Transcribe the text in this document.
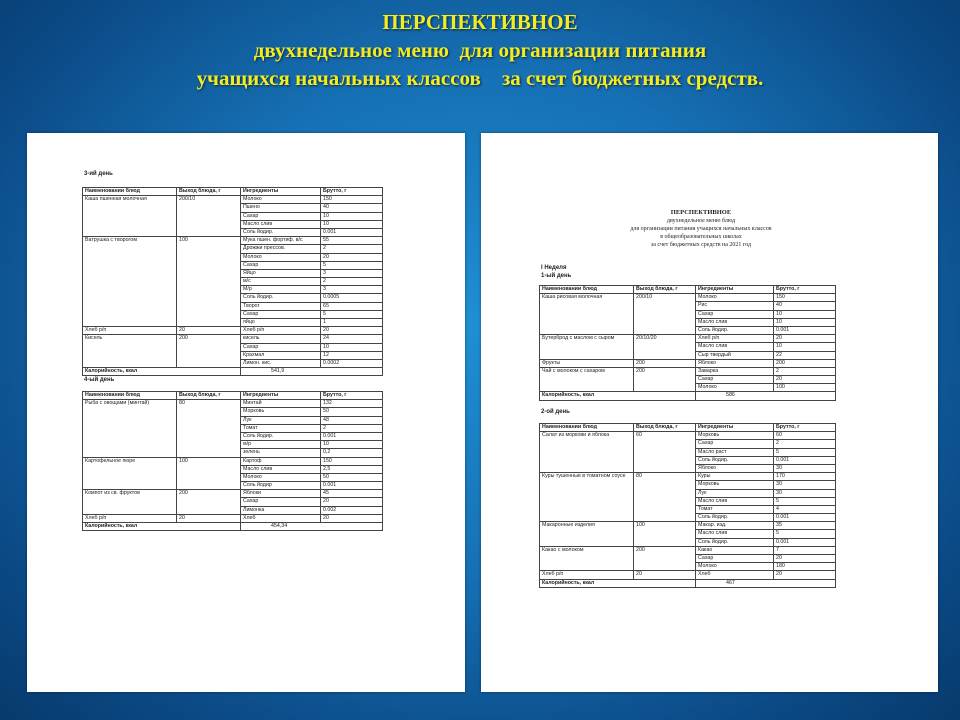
ПЕРСПЕКТИВНОЕ
двухнедельное меню  для организации питания
учащихся начальных классов    за счет бюджетных средств.
3-ий день
Наименовании блюд	Выход блюда, г	Ингредиенты	Брутто, г
Каша пшенная молочная	200/10	Молоко	150
		Пшено	40
		Сахар	10
		Масло слив	10
		Соль йодир.	0.001
Ватрушка с творогом	100	Мука пшен. фортиф. в/с	55
		Дрожжи прессов.	2
		Молоко	20
		Сахар	5
		Яйцо	3
		м/с	2
		М/р	3
		Соль йодир.	0.0005
		Творог	65
		Сахар	5
		яйцо	1
Хлеб р/п	20	Хлеб р/п	20
Кисель	200	кисель	24
		Сахар	10
		Крахмал	12
		Лимон. кис.	0.0002
Калорийность, ккал		541,9	
4-ый день
Наименовании блюд	Выход блюда, г	Ингредиенты	Брутто, г
Рыба с овощами (минтай)	80	Минтай	132
		Морковь	50
		Лук	48
		Томат	2
		Соль йодир.	0.001
		м/р	10
		зелень	0,2
Картофельное пюре	100	Картоф	150
		Масло слив	2,5
		Молоко	50
		Соль йодир	0.001
Компот из св. фруктов	200	Яблоки	45
		Сахар	20
		Лимонка	0.002
Хлеб р/п	20	Хлеб	20
Калорийность, ккал		454,34	
ПЕРСПЕКТИВНОЕ
двухнедельное меню блюд
для организации питания учащихся начальных классов
в общеобразовательных школах
за счет бюджетных средств на 2021 год
I Неделя
1-ый день
Наименовании блюд	Выход блюда, г	Ингредиенты	Брутто, г
Каша рисовая молочная	200/10	Молоко	150
		Рис	40
		Сахар	10
		Масло слив	10
		Соль йодир.	0.001
Бутерброд с маслом с сыром	20/10/20	Хлеб р/п	20
		Масло слив	10
		Сыр твердый	22
Фрукты	200	Яблоко	200
Чай с молоком с сахаром	200	Заварка	2
		Сахар	20
		Молоко	100
Калорийность, ккал		586	
2-ой день
Наименовании блюд	Выход блюда, г	Ингредиенты	Брутто, г
Салат из моркови и яблока	60	Морковь	60
		Сахар	2
		Масло раст	5
		Соль йодир.	0.001
		Яблоко	30
Куры тушенные в томатном соусе	80	Куры	170
		Морковь	30
		Лук	30
		Масло слив	5
		Томат	4
		Соль йодир.	0.001
Макаронные изделия	100	Макар. изд.	35
		Масло слив	5
		Соль йодир.	0.001
Какао с молоком	200	Какао	7
		Сахар	20
		Молоко	180
Хлеб р/п	20	Хлеб	20
Калорийность, ккал		467	
